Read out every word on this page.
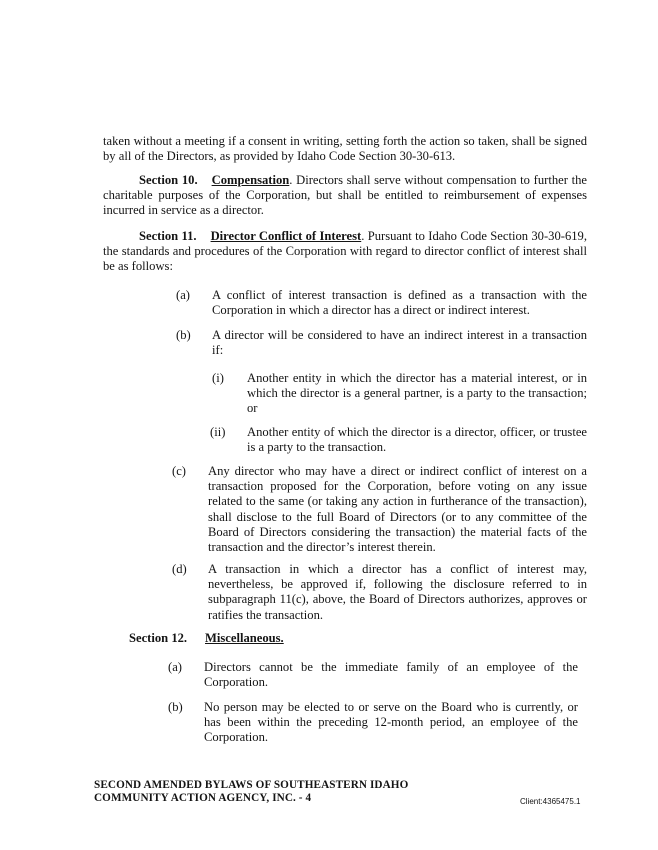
taken without a meeting if a consent in writing, setting forth the action so taken, shall be signed by all of the Directors, as provided by Idaho Code Section 30-30-613.

Section 10. Compensation. Directors shall serve without compensation to further the charitable purposes of the Corporation, but shall be entitled to reimbursement of expenses incurred in service as a director.

Section 11. Director Conflict of Interest. Pursuant to Idaho Code Section 30-30-619, the standards and procedures of the Corporation with regard to director conflict of interest shall be as follows:

(a) A conflict of interest transaction is defined as a transaction with the Corporation in which a director has a direct or indirect interest.

(b) A director will be considered to have an indirect interest in a transaction if:

(i) Another entity in which the director has a material interest, or in which the director is a general partner, is a party to the transaction; or

(ii) Another entity of which the director is a director, officer, or trustee is a party to the transaction.

(c) Any director who may have a direct or indirect conflict of interest on a transaction proposed for the Corporation, before voting on any issue related to the same (or taking any action in furtherance of the transaction), shall disclose to the full Board of Directors (or to any committee of the Board of Directors considering the transaction) the material facts of the transaction and the director’s interest therein.

(d) A transaction in which a director has a conflict of interest may, nevertheless, be approved if, following the disclosure referred to in subparagraph 11(c), above, the Board of Directors authorizes, approves or ratifies the transaction.

Section 12. Miscellaneous.
(a) Directors cannot be the immediate family of an employee of the Corporation.

(b) No person may be elected to or serve on the Board who is currently, or has been within the preceding 12-month period, an employee of the Corporation.

SECOND AMENDED BYLAWS OF SOUTHEASTERN IDAHO
COMMUNITY ACTION AGENCY, INC. - 4	Client:4365475.1
